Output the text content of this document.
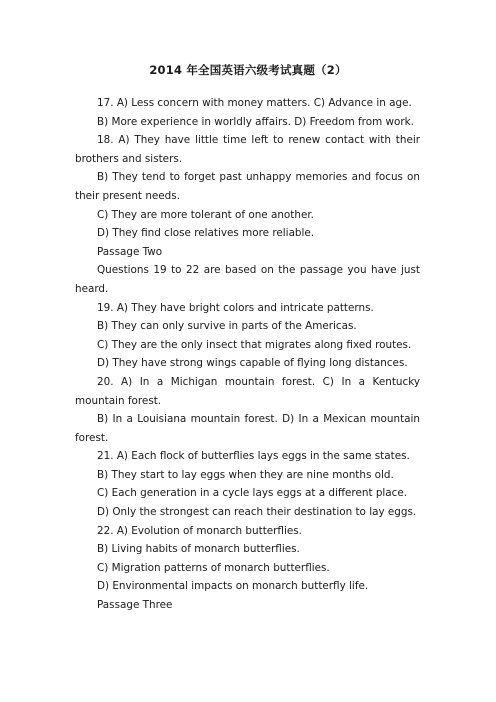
2014 年全国英语六级考试真题（2）

17. A) Less concern with money matters. C) Advance in age.

B) More experience in worldly affairs. D) Freedom from work.

18. A) They have little time left to renew contact with their brothers and sisters.

B) They tend to forget past unhappy memories and focus on their present needs.

C) They are more tolerant of one another.

D) They find close relatives more reliable.

Passage Two

Questions 19 to 22 are based on the passage you have just heard.

19. A) They have bright colors and intricate patterns.

B) They can only survive in parts of the Americas.

C) They are the only insect that migrates along fixed routes.

D) They have strong wings capable of flying long distances.

20. A) In a Michigan mountain forest. C) In a Kentucky mountain forest.

B) In a Louisiana mountain forest. D) In a Mexican mountain forest.

21. A) Each flock of butterflies lays eggs in the same states.

B) They start to lay eggs when they are nine months old.

C) Each generation in a cycle lays eggs at a different place.

D) Only the strongest can reach their destination to lay eggs.

22. A) Evolution of monarch butterflies.

B) Living habits of monarch butterflies.

C) Migration patterns of monarch butterflies.

D) Environmental impacts on monarch butterfly life.

Passage Three
